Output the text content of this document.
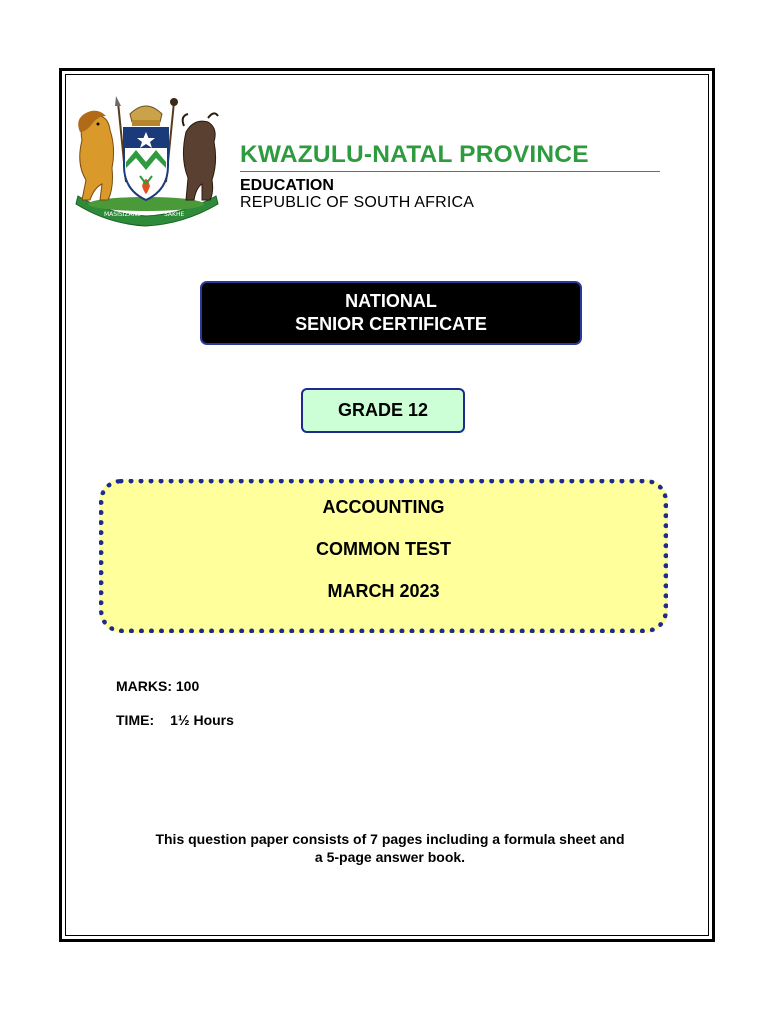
MASISIZANE	SAKHE
KWAZULU-NATAL PROVINCE
EDUCATION
REPUBLIC OF SOUTH AFRICA
NATIONAL
SENIOR CERTIFICATE
GRADE 12
ACCOUNTING
COMMON TEST
MARCH 2023
MARKS: 100
TIME: 1½ Hours
This question paper consists of 7 pages including a formula sheet and
a 5-page answer book.
